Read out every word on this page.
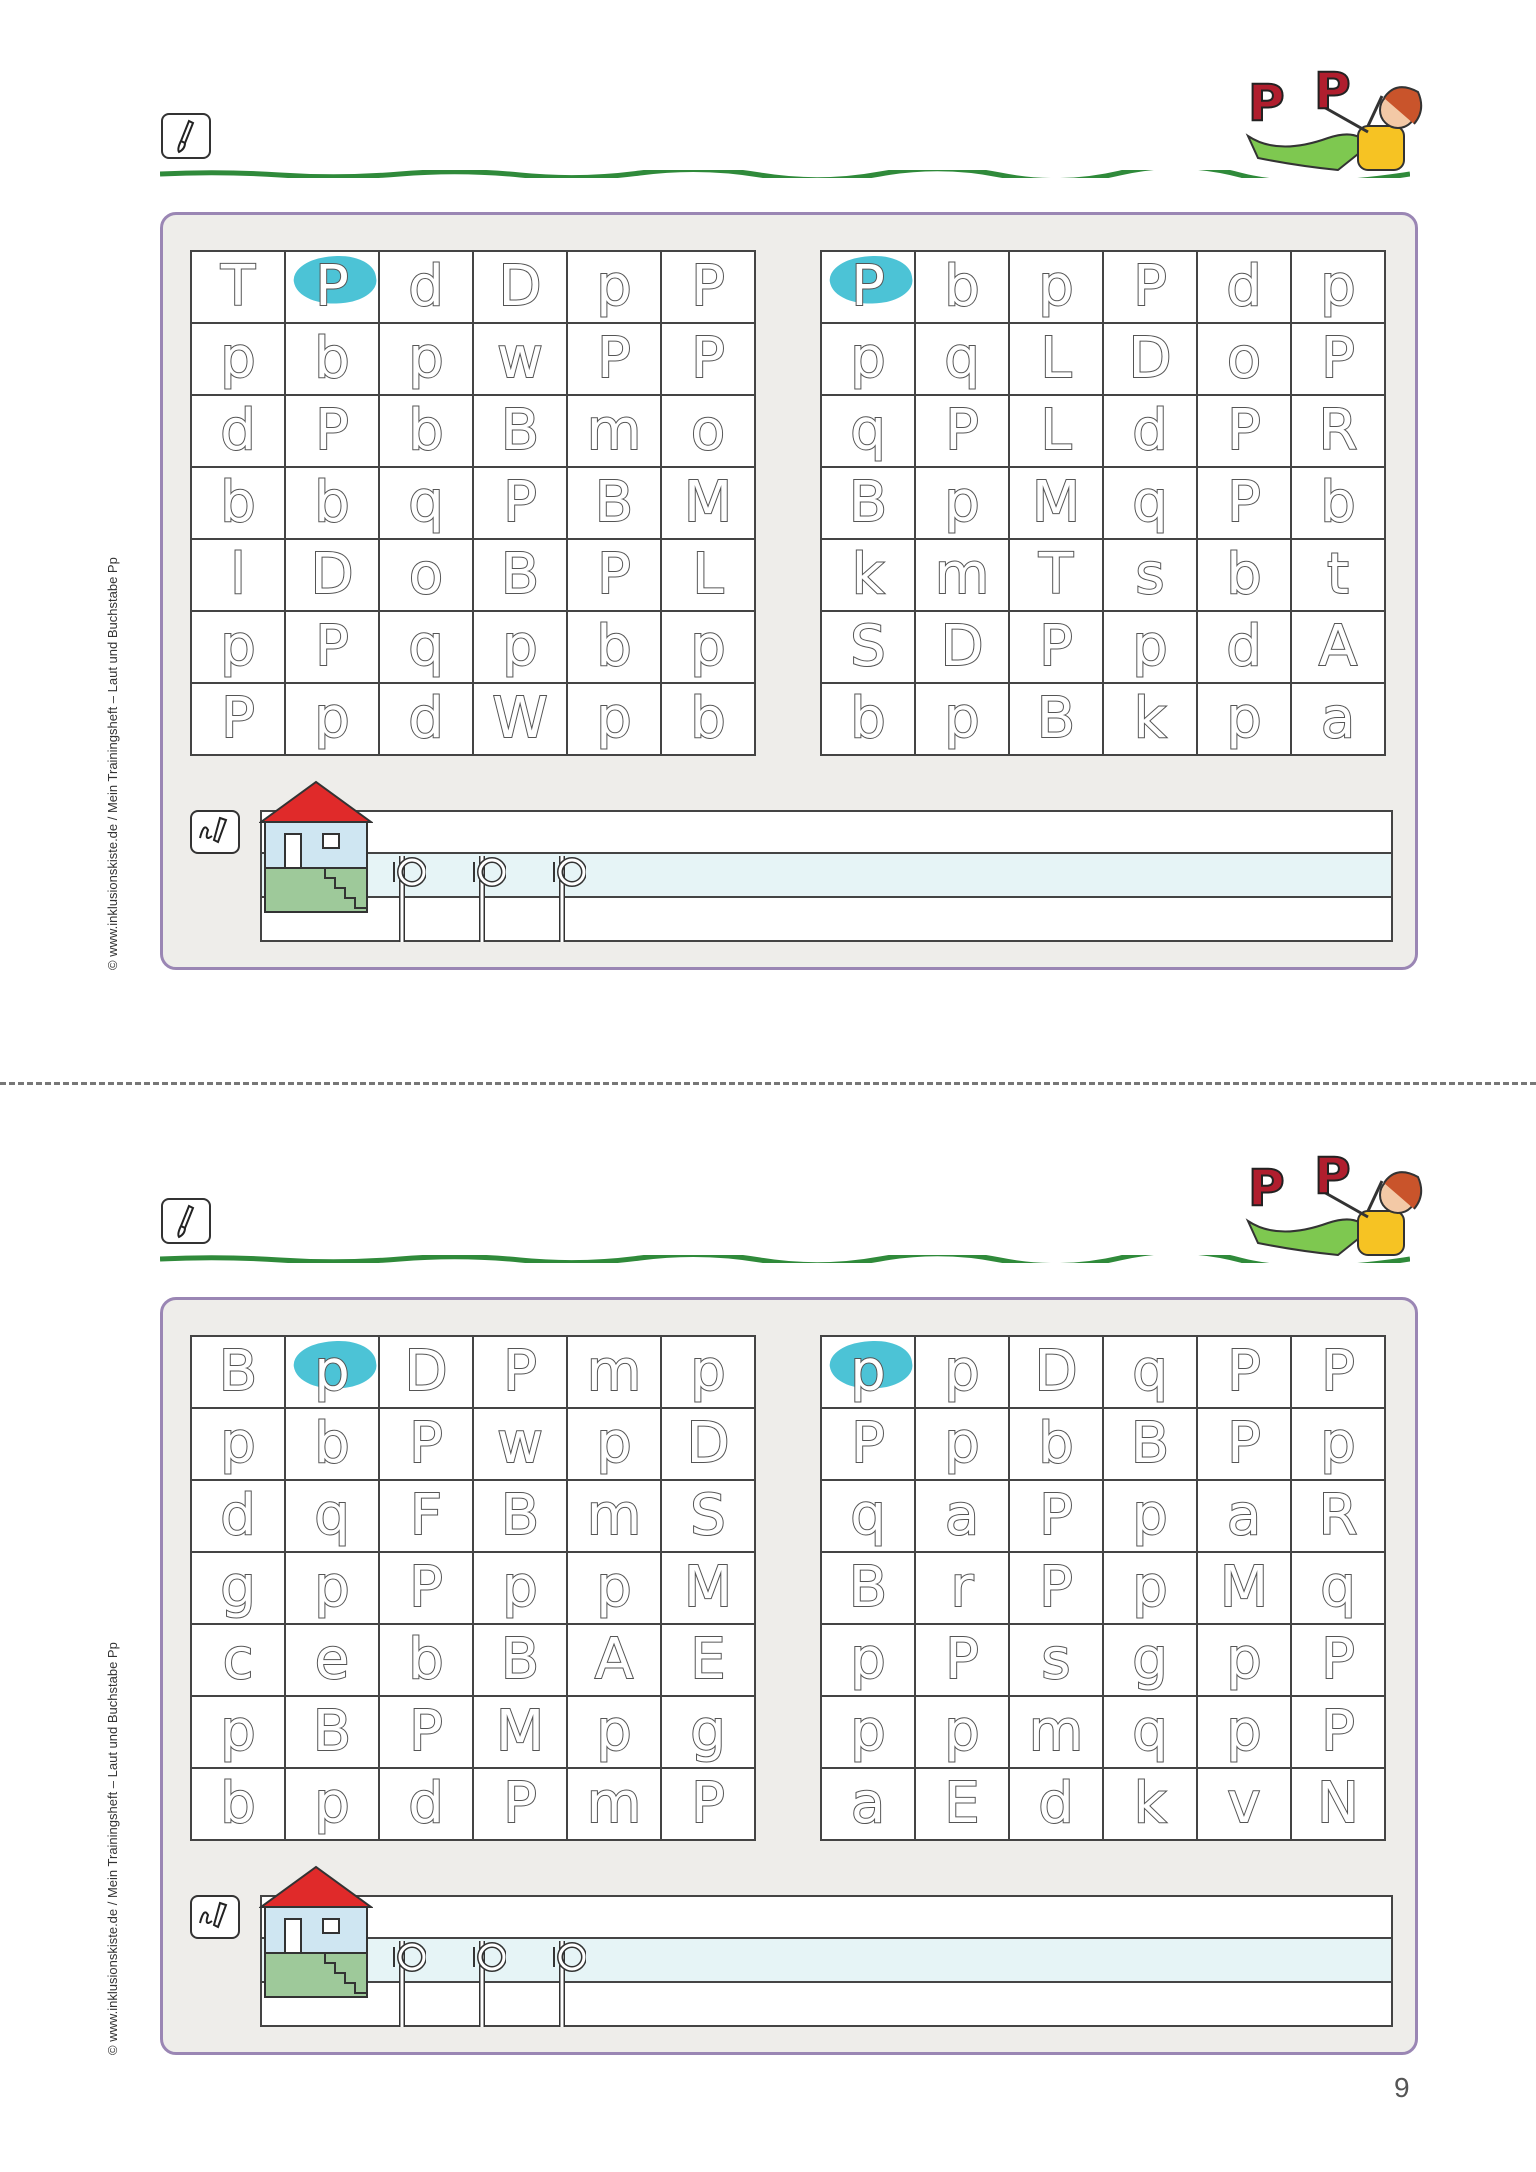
P P
© www.inklusionskiste.de / Mein Trainingsheft – Laut und Buchstabe Pp
T P d D p P
p b p w P P
d P b B m o
b b q P B M
l D o B P L
p P q p b p
P p d W p b
P b p P d p
p q L D o P
q P L d P R
B p M q P b
k m T s b t
S D P p d A
b p B k p a
P P
© www.inklusionskiste.de / Mein Trainingsheft – Laut und Buchstabe Pp
B p D P m p
p b P w p D
d q F B m S
g p P p p M
c e b B A E
p B P M p g
b p d P m P
p p D q P P
P p b B P p
q a P p a R
B r P p M q
p P s g p P
p p m q p P
a E d k v N
9
